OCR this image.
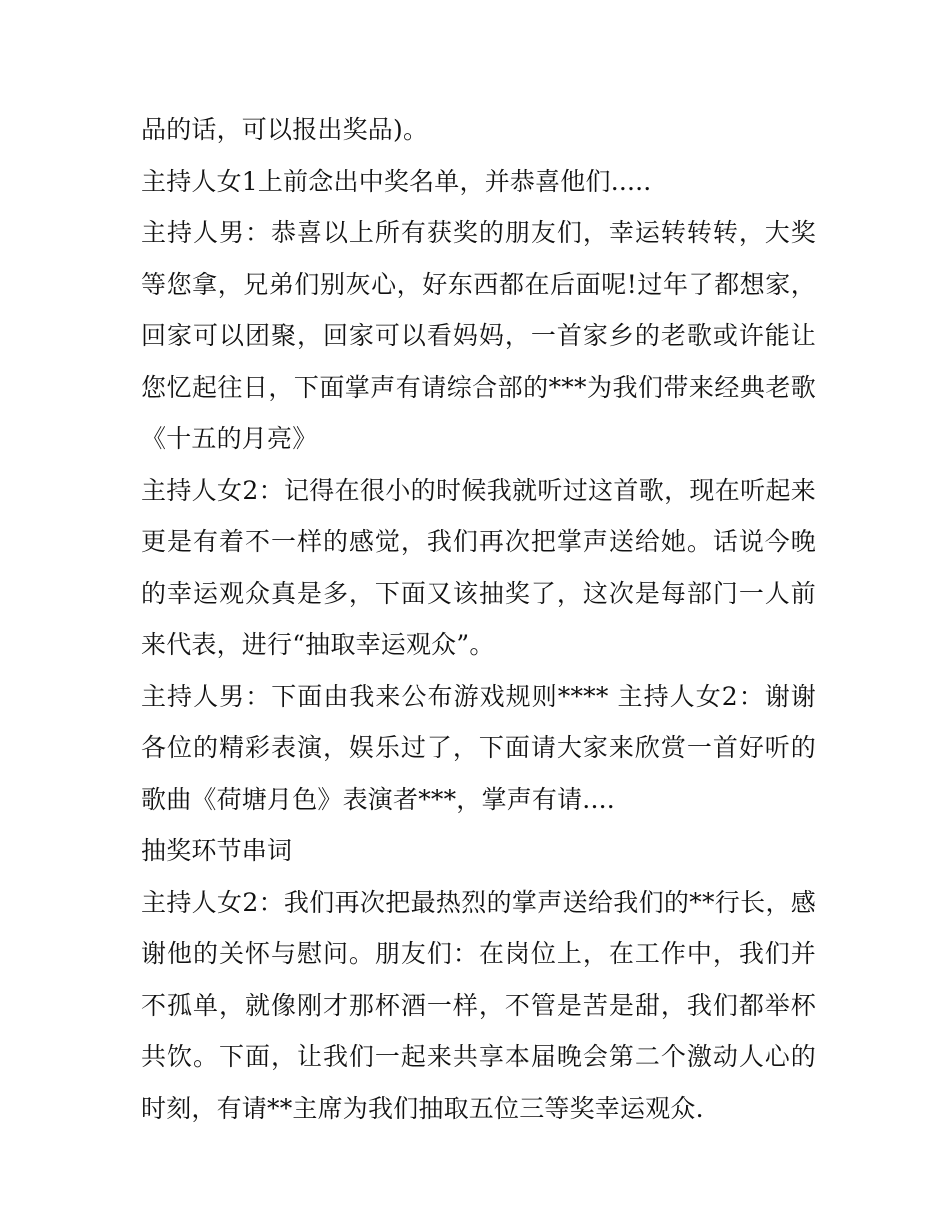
品的话，可以报出奖品)。

主持人女1上前念出中奖名单，并恭喜他们.....

主持人男：恭喜以上所有获奖的朋友们，幸运转转转，大奖等您拿，兄弟们别灰心，好东西都在后面呢!过年了都想家，回家可以团聚，回家可以看妈妈，一首家乡的老歌或许能让您忆起往日，下面掌声有请综合部的***为我们带来经典老歌《十五的月亮》

主持人女2：记得在很小的时候我就听过这首歌，现在听起来更是有着不一样的感觉，我们再次把掌声送给她。话说今晚的幸运观众真是多，下面又该抽奖了，这次是每部门一人前来代表，进行“抽取幸运观众”。

主持人男：下面由我来公布游戏规则**** 主持人女2：谢谢各位的精彩表演，娱乐过了，下面请大家来欣赏一首好听的歌曲《荷塘月色》表演者***，掌声有请....

抽奖环节串词

主持人女2：我们再次把最热烈的掌声送给我们的**行长，感谢他的关怀与慰问。朋友们：在岗位上，在工作中，我们并不孤单，就像刚才那杯酒一样，不管是苦是甜，我们都举杯共饮。下面，让我们一起来共享本届晚会第二个激动人心的时刻，有请**主席为我们抽取五位三等奖幸运观众.
